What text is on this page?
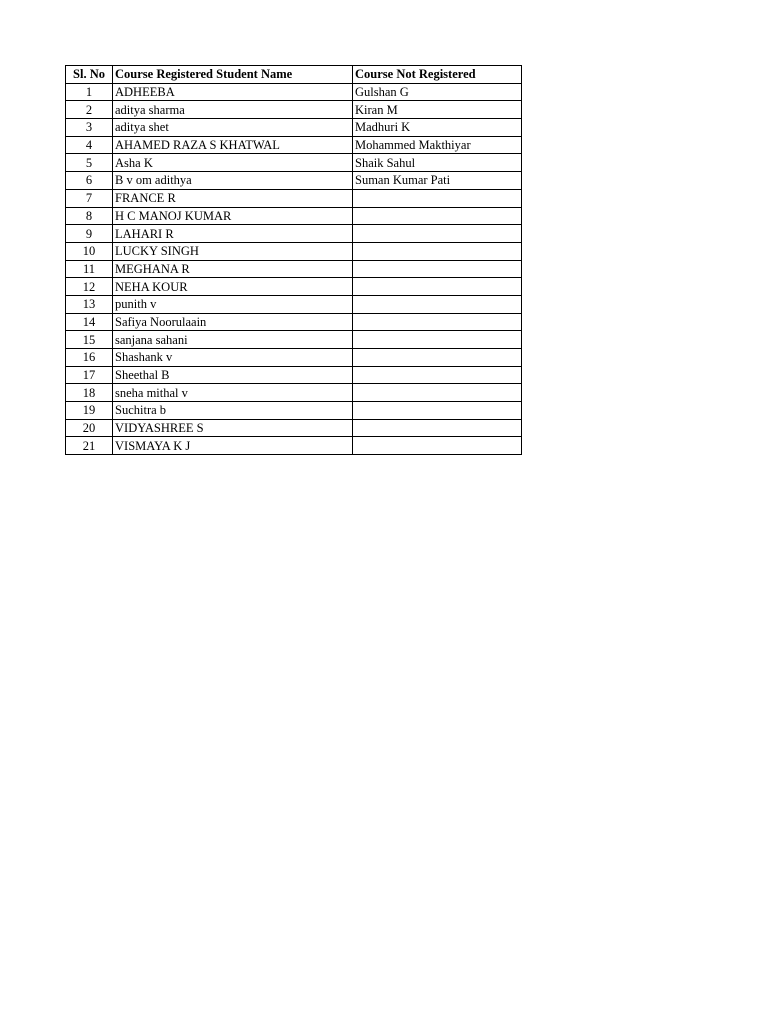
Sl. No	Course Registered Student Name	Course Not Registered
1	ADHEEBA	Gulshan G
2	aditya sharma	Kiran M
3	aditya shet	Madhuri K
4	AHAMED RAZA S KHATWAL	Mohammed Makthiyar
5	Asha K	Shaik Sahul
6	B v om adithya	Suman Kumar Pati
7	FRANCE R	
8	H C MANOJ KUMAR	
9	LAHARI R	
10	LUCKY SINGH	
11	MEGHANA R	
12	NEHA KOUR	
13	punith v	
14	Safiya Noorulaain	
15	sanjana sahani	
16	Shashank v	
17	Sheethal B	
18	sneha mithal v	
19	Suchitra b	
20	VIDYASHREE S	
21	VISMAYA K J	
